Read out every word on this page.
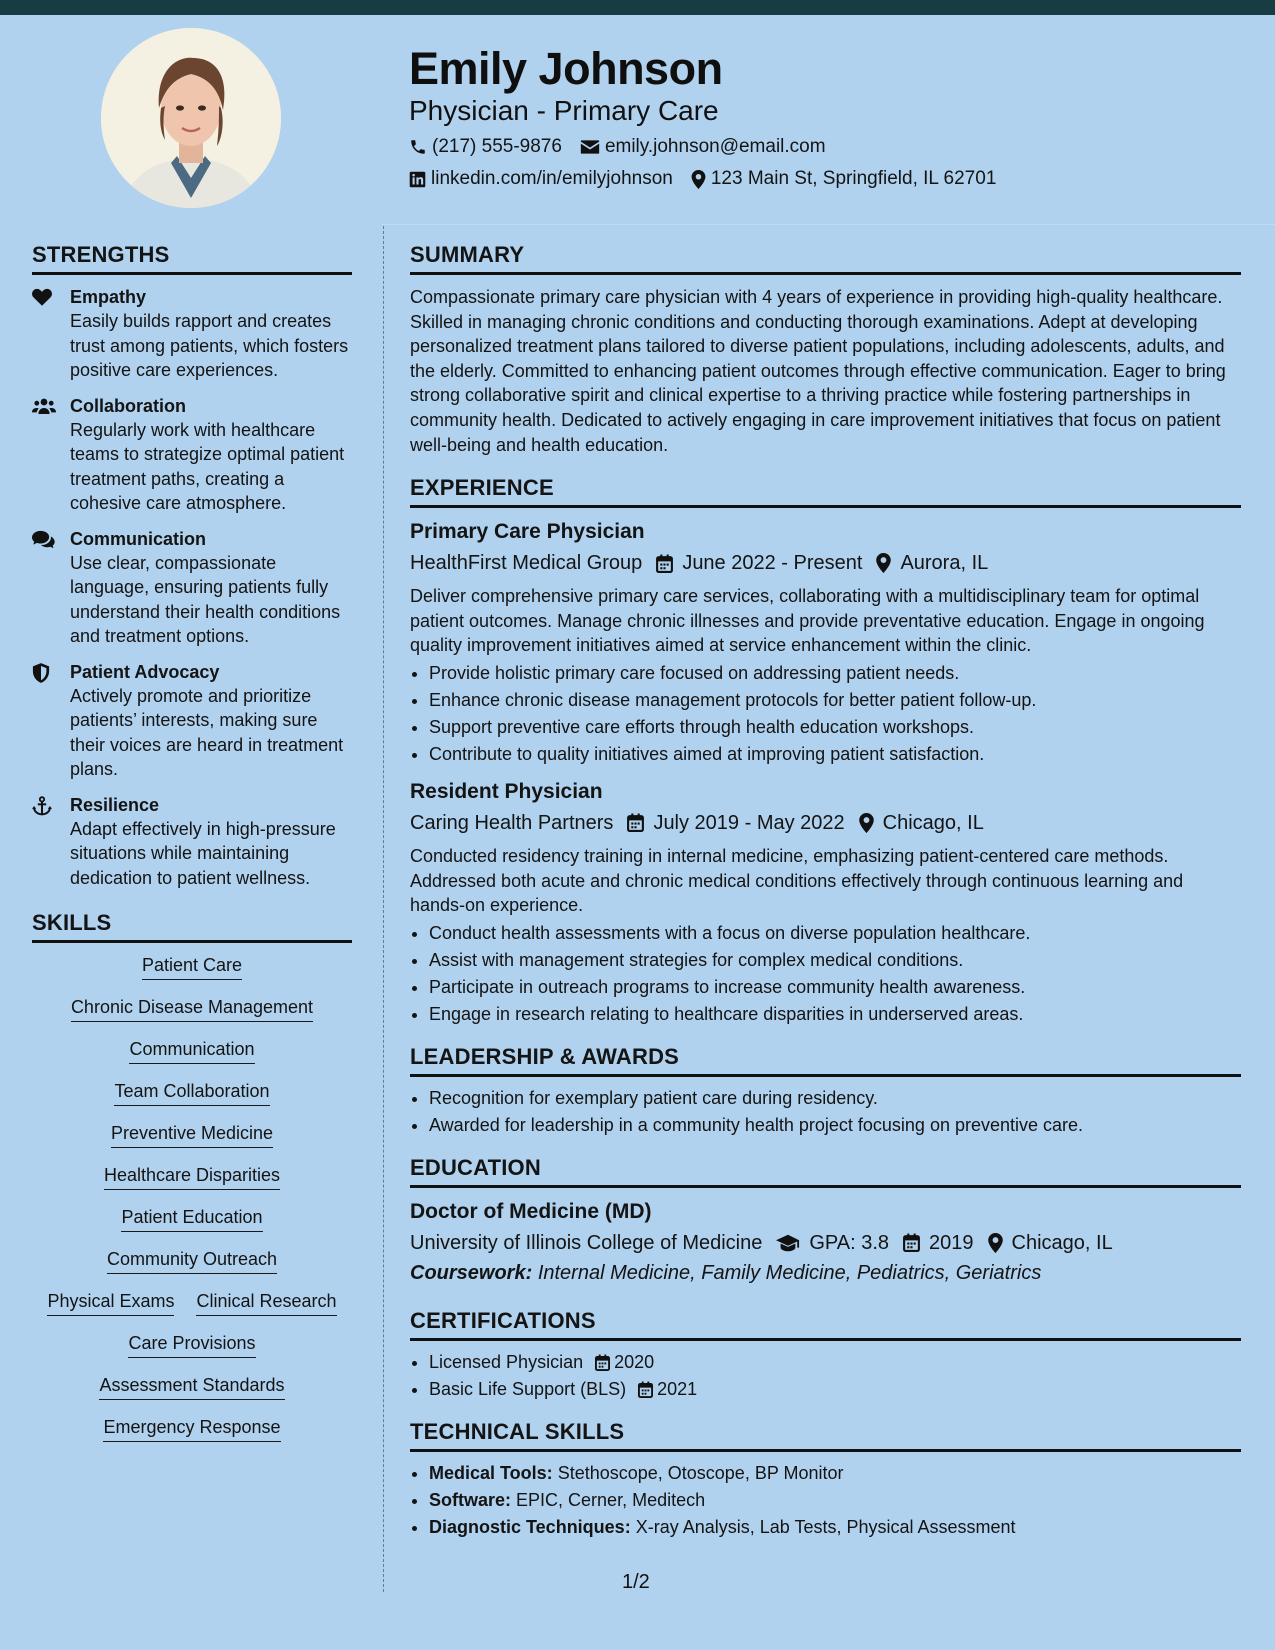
Emily Johnson
Physician - Primary Care
(217) 555-9876 emily.johnson@email.com
linkedin.com/in/emilyjohnson 123 Main St, Springfield, IL 62701
STRENGTHS
Empathy
Easily builds rapport and creates trust among patients, which fosters positive care experiences.
Collaboration
Regularly work with healthcare teams to strategize optimal patient treatment paths, creating a cohesive care atmosphere.
Communication
Use clear, compassionate language, ensuring patients fully understand their health conditions and treatment options.
Patient Advocacy
Actively promote and prioritize patients’ interests, making sure their voices are heard in treatment plans.
Resilience
Adapt effectively in high-pressure situations while maintaining dedication to patient wellness.
SKILLS
Patient Care
Chronic Disease Management
Communication
Team Collaboration
Preventive Medicine
Healthcare Disparities
Patient Education
Community Outreach
Physical Exams Clinical Research
Care Provisions
Assessment Standards
Emergency Response
SUMMARY

Compassionate primary care physician with 4 years of experience in providing high-quality healthcare. Skilled in managing chronic conditions and conducting thorough examinations. Adept at developing personalized treatment plans tailored to diverse patient populations, including adolescents, adults, and the elderly. Committed to enhancing patient outcomes through effective communication. Eager to bring strong collaborative spirit and clinical expertise to a thriving practice while fostering partnerships in community health. Dedicated to actively engaging in care improvement initiatives that focus on patient well-being and health education.

EXPERIENCE
Primary Care Physician
HealthFirst Medical Group June 2022 - Present Aurora, IL

Deliver comprehensive primary care services, collaborating with a multidisciplinary team for optimal patient outcomes. Manage chronic illnesses and provide preventative education. Engage in ongoing quality improvement initiatives aimed at service enhancement within the clinic.

• Provide holistic primary care focused on addressing patient needs.
• Enhance chronic disease management protocols for better patient follow-up.
• Support preventive care efforts through health education workshops.
• Contribute to quality initiatives aimed at improving patient satisfaction.
Resident Physician
Caring Health Partners July 2019 - May 2022 Chicago, IL

Conducted residency training in internal medicine, emphasizing patient-centered care methods. Addressed both acute and chronic medical conditions effectively through continuous learning and hands-on experience.

• Conduct health assessments with a focus on diverse population healthcare.
• Assist with management strategies for complex medical conditions.
• Participate in outreach programs to increase community health awareness.
• Engage in research relating to healthcare disparities in underserved areas.
LEADERSHIP & AWARDS
• Recognition for exemplary patient care during residency.
• Awarded for leadership in a community health project focusing on preventive care.
EDUCATION
Doctor of Medicine (MD)
University of Illinois College of Medicine GPA: 3.8 2019 Chicago, IL
Coursework: Internal Medicine, Family Medicine, Pediatrics, Geriatrics
CERTIFICATIONS
• Licensed Physician 2020
• Basic Life Support (BLS) 2021
TECHNICAL SKILLS
• Medical Tools: Stethoscope, Otoscope, BP Monitor
• Software: EPIC, Cerner, Meditech
• Diagnostic Techniques: X-ray Analysis, Lab Tests, Physical Assessment
1/2
